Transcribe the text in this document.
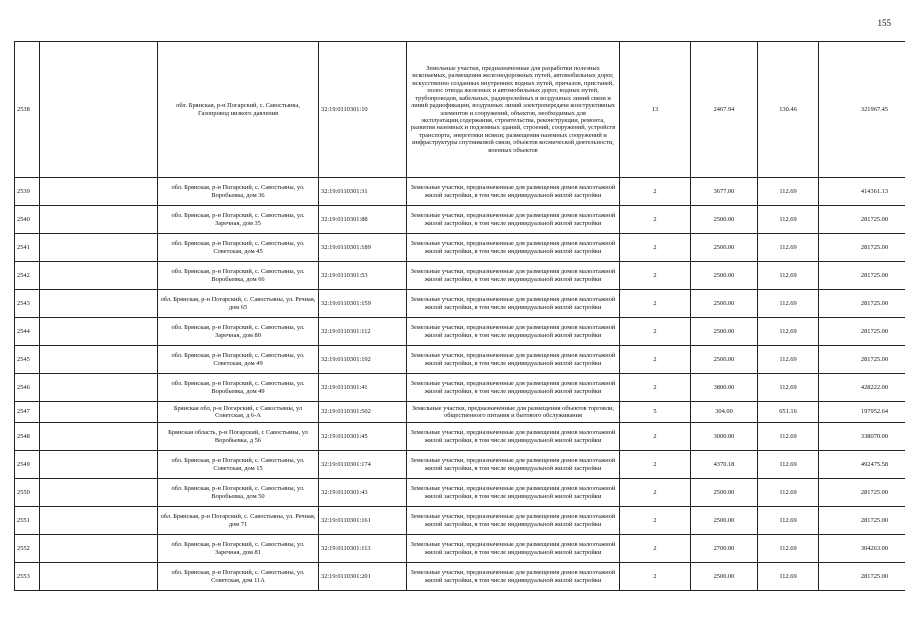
155
2538		обл. Брянская, р-н Погарский, с. Савостьяны, Газопровод низкого давления	32:19:0110301:10	Земельные участки, предназначенные для разработки полезных ископаемых, размещения железнодорожных путей, автомобильных дорог, искусственно созданных внутренних водных путей, причалов, пристаней, полос отвода железных и автомобильных дорог, водных путей, трубопроводов, кабельных, радиорелейных и воздушных линий связи и линий радиофикации, воздушных линий электропередачи конструктивных элементов и сооружений, объектов, необходимых для эксплуатации,содержания, строительства, реконструкции, ремонта, развития наземных и подземных зданий, строений, сооружений, устройств транспорта, энергетики исвязи; размещения наземных сооружений и инфраструктуры спутниковой связи, объектов космической деятельности, военных объектов	13	2467.94	130.46	321967.45
2539		обл. Брянская, р-н Погарский, с. Савостьяны, ул. Воробьевка, дом 36	32:19:0110301:31	Земельные участки, предназначенные для размещения домов малоэтажной жилой застройки, в том числе индивидуальной жилой застройки	2	3677.00	112.69	414361.13
2540		обл. Брянская, р-н Погарский, с. Савостьяны, ул. Заречная, дом 35	32:19:0110301:88	Земельные участки, предназначенные для размещения домов малоэтажной жилой застройки, в том числе индивидуальной жилой застройки	2	2500.00	112.69	281725.00
2541		обл. Брянская, р-н Погарский, с. Савостьяны, ул. Советская, дом 45	32:19:0110301:189	Земельные участки, предназначенные для размещения домов малоэтажной жилой застройки, в том числе индивидуальной жилой застройки	2	2500.00	112.69	281725.00
2542		обл. Брянская, р-н Погарский, с. Савостьяны, ул. Воробьевка, дом 66	32:19:0110301:53	Земельные участки, предназначенные для размещения домов малоэтажной жилой застройки, в том числе индивидуальной жилой застройки	2	2500.00	112.69	281725.00
2543		обл. Брянская, р-н Погарский, с. Савостьяны, ул. Речная, дом 65	32:19:0110301:159	Земельные участки, предназначенные для размещения домов малоэтажной жилой застройки, в том числе индивидуальной жилой застройки	2	2500.00	112.69	281725.00
2544		обл. Брянская, р-н Погарский, с. Савостьяны, ул. Заречная, дом 80	32:19:0110301:112	Земельные участки, предназначенные для размещения домов малоэтажной жилой застройки, в том числе индивидуальной жилой застройки	2	2500.00	112.69	281725.00
2545		обл. Брянская, р-н Погарский, с. Савостьяны, ул. Советская, дом 49	32:19:0110301:192	Земельные участки, предназначенные для размещения домов малоэтажной жилой застройки, в том числе индивидуальной жилой застройки	2	2500.00	112.69	281725.00
2546		обл. Брянская, р-н Погарский, с. Савостьяны, ул. Воробьевка, дом 49	32:19:0110301:41	Земельные участки, предназначенные для размещения домов малоэтажной жилой застройки, в том числе индивидуальной жилой застройки	2	3800.00	112.69	428222.00
2547		Брянская обл, р-н Погарский, с Савостьяны, ул Советская, д 6-А	32:19:0110301:502	Земельные участки, предназначенные для размещения объектов торговли, общественного питания и бытового обслуживания	5	304.00	651.16	197952.64
2548		Брянская область, р-н Погарский, с Савостьяны, ул Воробьевка, д 56	32:19:0110301:45	Земельные участки, предназначенные для размещения домов малоэтажной жилой застройки, в том числе индивидуальной жилой застройки	2	3000.00	112.69	338070.00
2549		обл. Брянская, р-н Погарский, с. Савостьяны, ул. Советская, дом 15	32:19:0110301:174	Земельные участки, предназначенные для размещения домов малоэтажной жилой застройки, в том числе индивидуальной жилой застройки	2	4370.18	112.69	492475.58
2550		обл. Брянская, р-н Погарский, с. Савостьяны, ул. Воробьевка, дом 50	32:19:0110301:43	Земельные участки, предназначенные для размещения домов малоэтажной жилой застройки, в том числе индивидуальной жилой застройки	2	2500.00	112.69	281725.00
2551		обл. Брянская, р-н Погарский, с. Савостьяны, ул. Речная, дом 71	32:19:0110301:161	Земельные участки, предназначенные для размещения домов малоэтажной жилой застройки, в том числе индивидуальной жилой застройки	2	2500.00	112.69	281725.00
2552		обл. Брянская, р-н Погарский, с. Савостьяны, ул. Заречная, дом 81	32:19:0110301:113	Земельные участки, предназначенные для размещения домов малоэтажной жилой застройки, в том числе индивидуальной жилой застройки	2	2700.00	112.69	304263.00
2553		обл. Брянская, р-н Погарский, с. Савостьяны, ул. Советская, дом 11А	32:19:0110301:201	Земельные участки, предназначенные для размещения домов малоэтажной жилой застройки, в том числе индивидуальной жилой застройки	2	2500.00	112.69	281725.00
